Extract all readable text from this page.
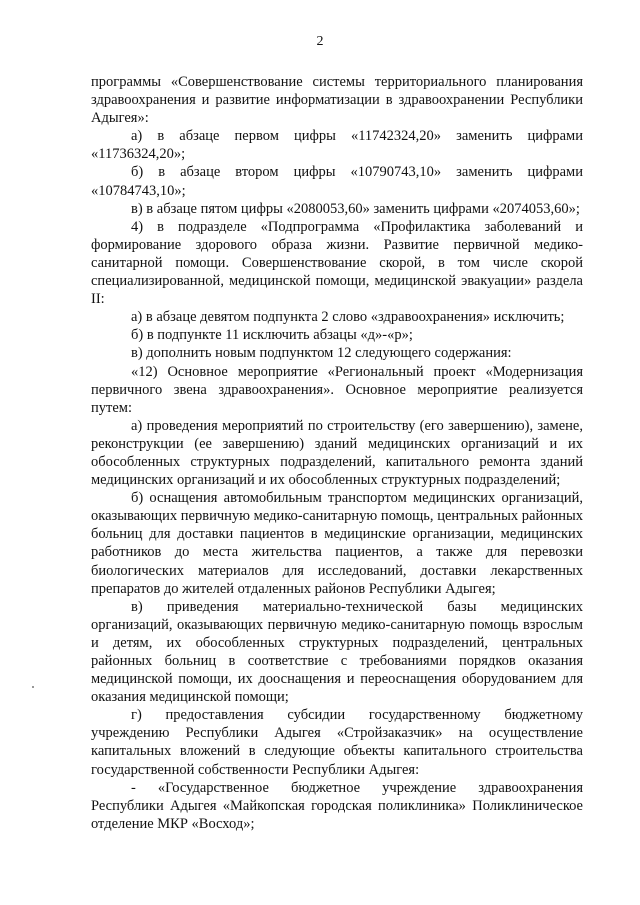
2

программы «Совершенствование системы территориального планирования здравоохранения и развитие информатизации в здравоохранении Республики Адыгея»:

а) в абзаце первом цифры «11742324,20» заменить цифрами «11736324,20»;

б) в абзаце втором цифры «10790743,10» заменить цифрами «10784743,10»;

в) в абзаце пятом цифры «2080053,60» заменить цифрами «2074053,60»;

4) в подразделе «Подпрограмма «Профилактика заболеваний и формирование здорового образа жизни. Развитие первичной медико-санитарной помощи. Совершенствование скорой, в том числе скорой специализированной, медицинской помощи, медицинской эвакуации» раздела II:

а) в абзаце девятом подпункта 2 слово «здравоохранения» исключить;

б) в подпункте 11 исключить абзацы «д»-«р»;

в) дополнить новым подпунктом 12 следующего содержания:

«12) Основное мероприятие «Региональный проект «Модернизация первичного звена здравоохранения». Основное мероприятие реализуется путем:

а) проведения мероприятий по строительству (его завершению), замене, реконструкции (ее завершению) зданий медицинских организаций и их обособленных структурных подразделений, капитального ремонта зданий медицинских организаций и их обособленных структурных подразделений;

б) оснащения автомобильным транспортом медицинских организаций, оказывающих первичную медико-санитарную помощь, центральных районных больниц для доставки пациентов в медицинские организации, медицинских работников до места жительства пациентов, а также для перевозки биологических материалов для исследований, доставки лекарственных препаратов до жителей отдаленных районов Республики Адыгея;

в) приведения материально-технической базы медицинских организаций, оказывающих первичную медико-санитарную помощь взрослым и детям, их обособленных структурных подразделений, центральных районных больниц в соответствие с требованиями порядков оказания медицинской помощи, их дооснащения и переоснащения оборудованием для оказания медицинской помощи;

г) предоставления субсидии государственному бюджетному учреждению Республики Адыгея «Стройзаказчик» на осуществление капитальных вложений в следующие объекты капитального строительства государственной собственности Республики Адыгея:

- «Государственное бюджетное учреждение здравоохранения Республики Адыгея «Майкопская городская поликлиника» Поликлиническое отделение МКР «Восход»;
